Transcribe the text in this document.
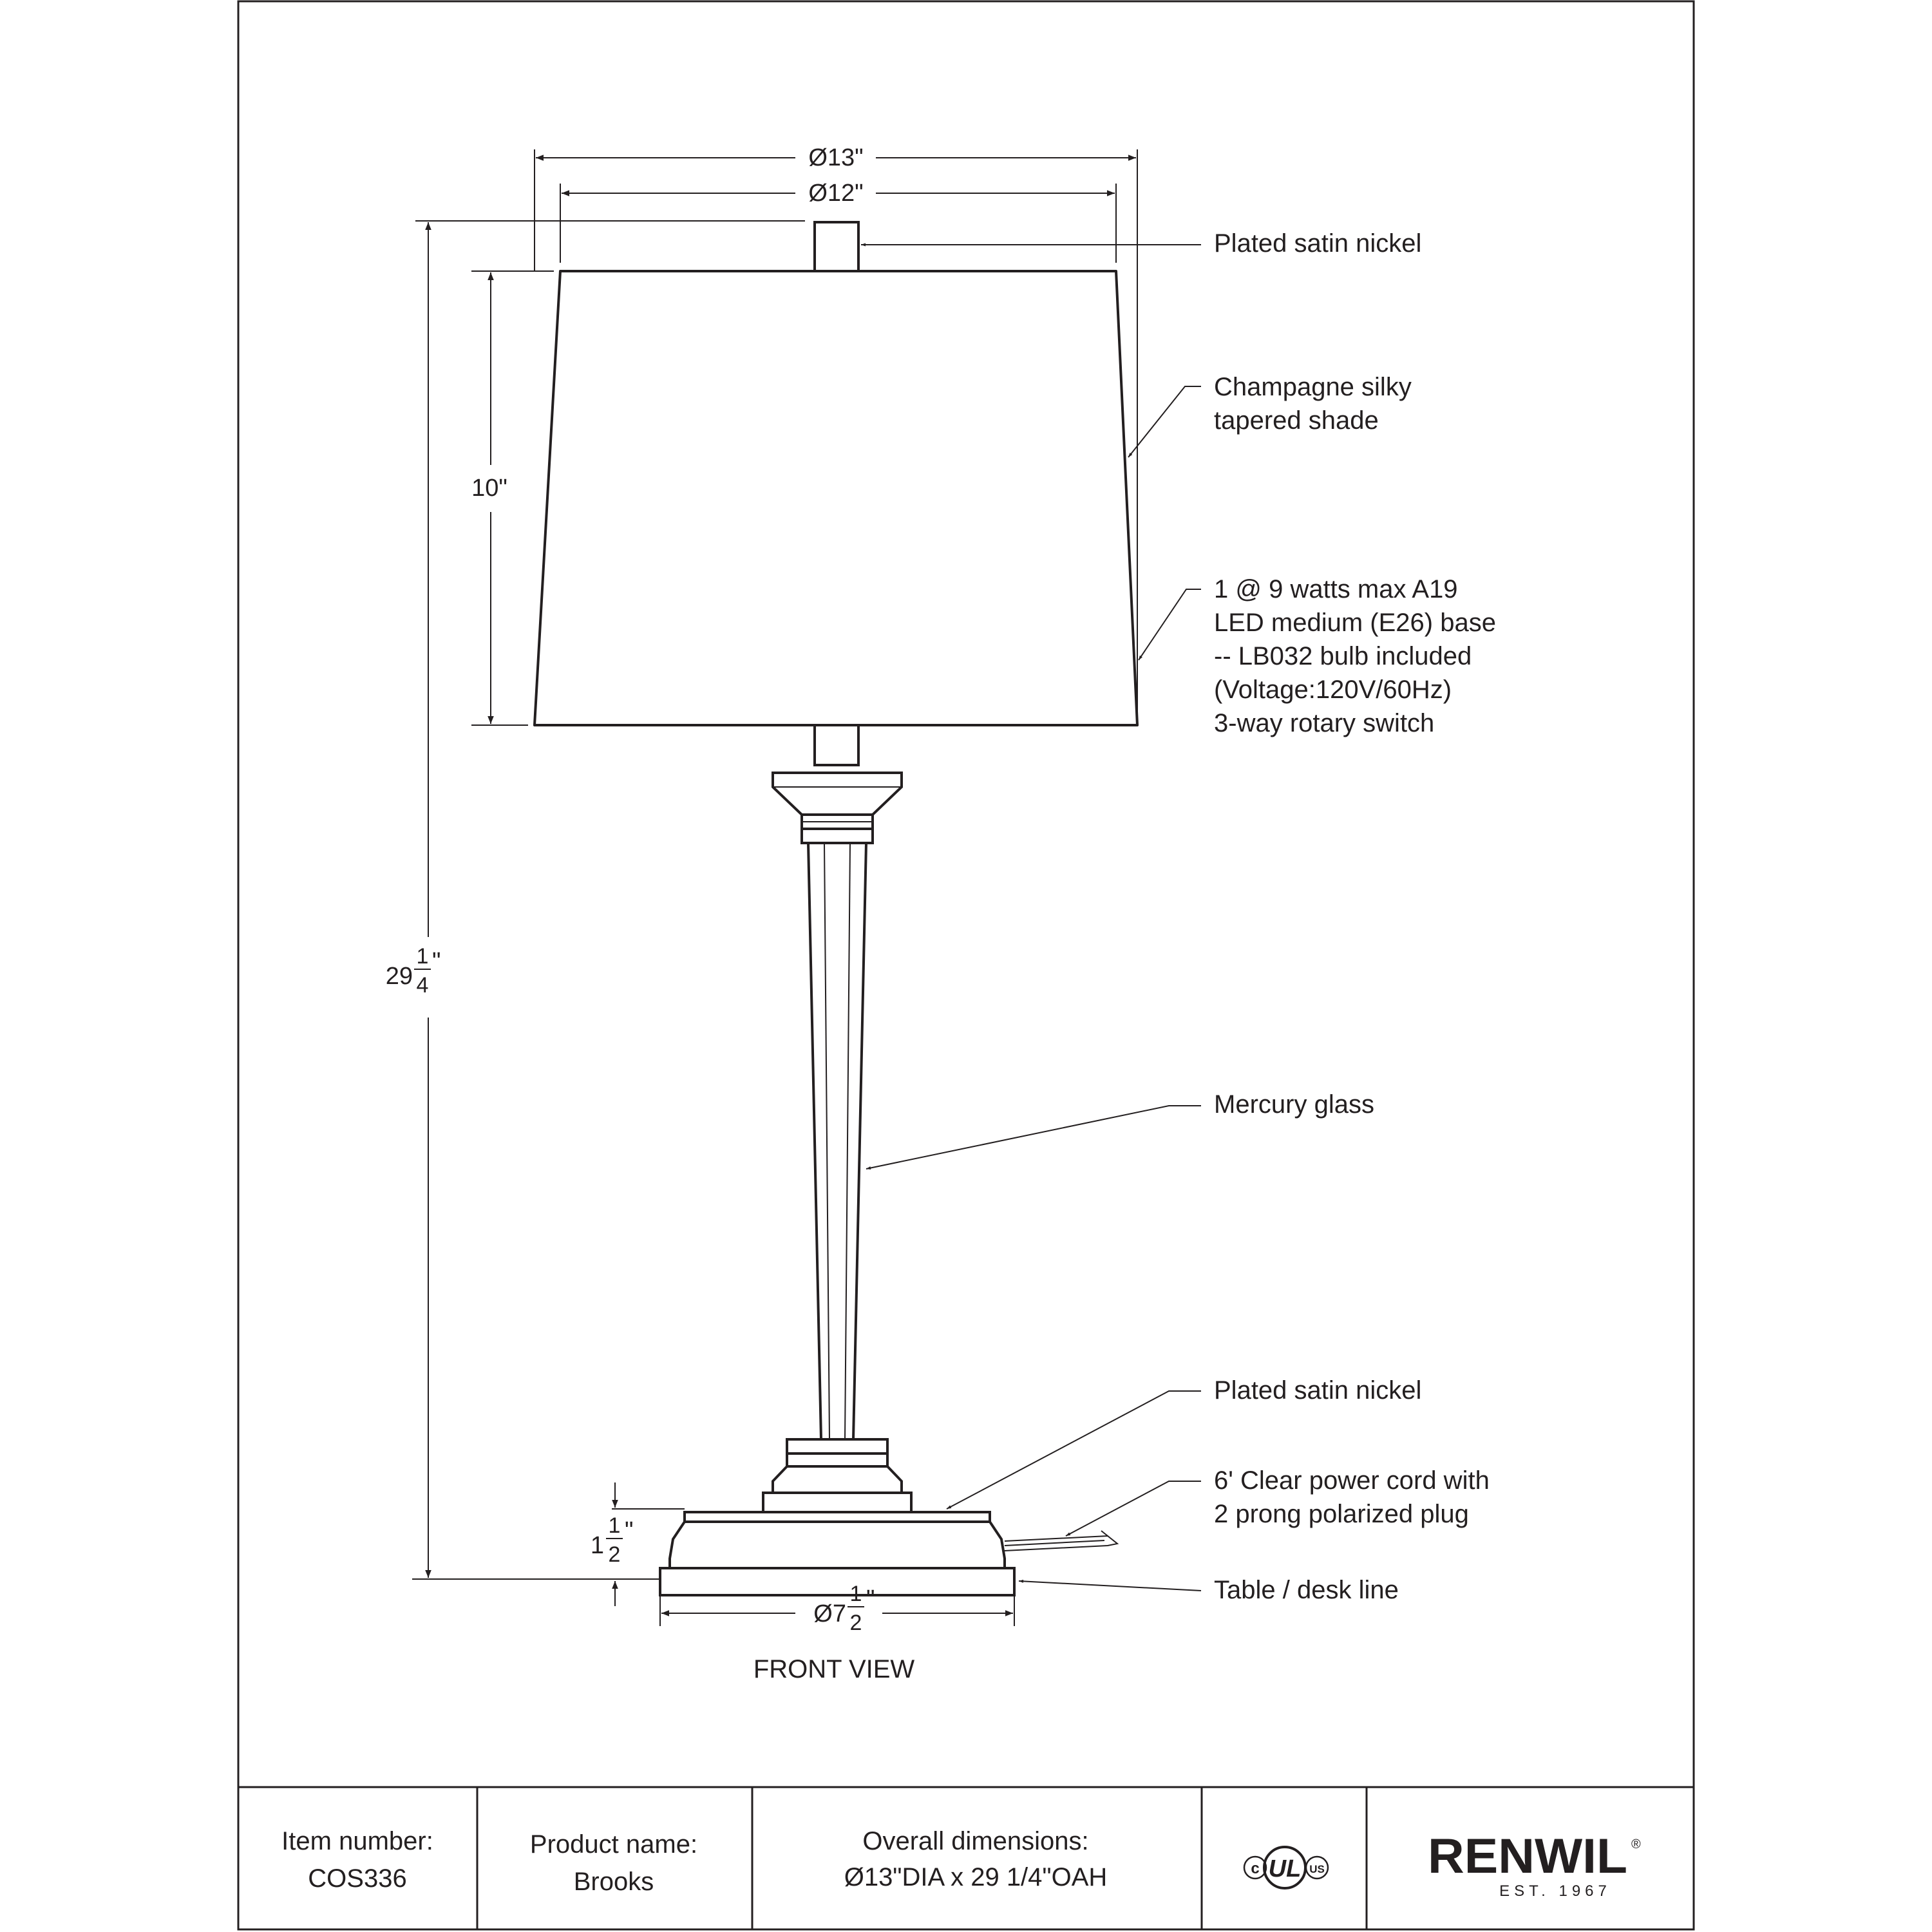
Ø13"
Ø12"
10"
29
1
4
"
1
1
2
"
Ø7
1
2
"
Plated satin nickel
Champagne silky
tapered shade
1 @ 9 watts max A19
LED medium (E26) base
-- LB032 bulb included
(Voltage:120V/60Hz)
3-way rotary switch
Mercury glass
Plated satin nickel
6' Clear power cord with
2 prong polarized plug
Table / desk line
FRONT VIEW
Item number:
COS336
Product name:
Brooks
Overall dimensions:
Ø13"DIA x 29 1/4"OAH	c UL US RENWIL ®
EST. 1967
